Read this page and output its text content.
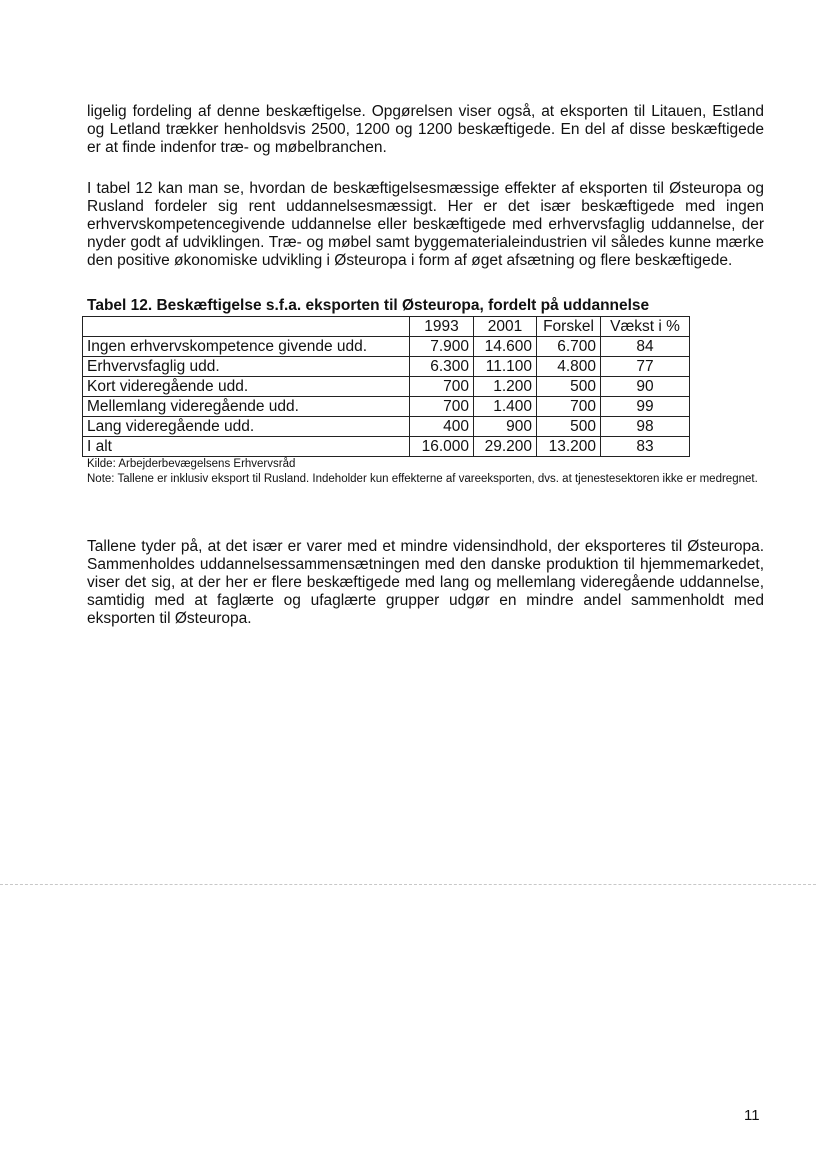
ligelig fordeling af denne beskæftigelse. Opgørelsen viser også, at eksporten til Litauen, Estland og Letland trækker henholdsvis 2500, 1200 og 1200 beskæftigede. En del af disse beskæftigede er at finde indenfor træ- og møbelbranchen.

I tabel 12 kan man se, hvordan de beskæftigelsesmæssige effekter af eksporten til Østeuropa og Rusland fordeler sig rent uddannelsesmæssigt. Her er det især beskæftigede med ingen erhvervskompetencegivende uddannelse eller beskæftigede med erhvervsfaglig uddannelse, der nyder godt af udviklingen. Træ- og møbel samt byggematerialeindustrien vil således kunne mærke den positive økonomiske udvikling i Østeuropa i form af øget afsætning og flere beskæftigede.

Tabel 12. Beskæftigelse s.f.a. eksporten til Østeuropa, fordelt på uddannelse
	1993	2001	Forskel	Vækst i %
Ingen erhvervskompetence givende udd.	7.900	14.600	6.700	84
Erhvervsfaglig udd.	6.300	11.100	4.800	77
Kort videregående udd.	700	1.200	500	90
Mellemlang videregående udd.	700	1.400	700	99
Lang videregående udd.	400	900	500	98
I alt	16.000	29.200	13.200	83
Kilde: Arbejderbevægelsens Erhvervsråd
Note: Tallene er inklusiv eksport til Rusland. Indeholder kun effekterne af vareeksporten, dvs. at tjenestesektoren ikke er medregnet.

Tallene tyder på, at det især er varer med et mindre vidensindhold, der eksporteres til Østeuropa. Sammenholdes uddannelsessammensætningen med den danske produktion til hjemmemarkedet, viser det sig, at der her er flere beskæftigede med lang og mellemlang videregående uddannelse, samtidig med at faglærte og ufaglærte grupper udgør en mindre andel sammenholdt med eksporten til Østeuropa.

11
